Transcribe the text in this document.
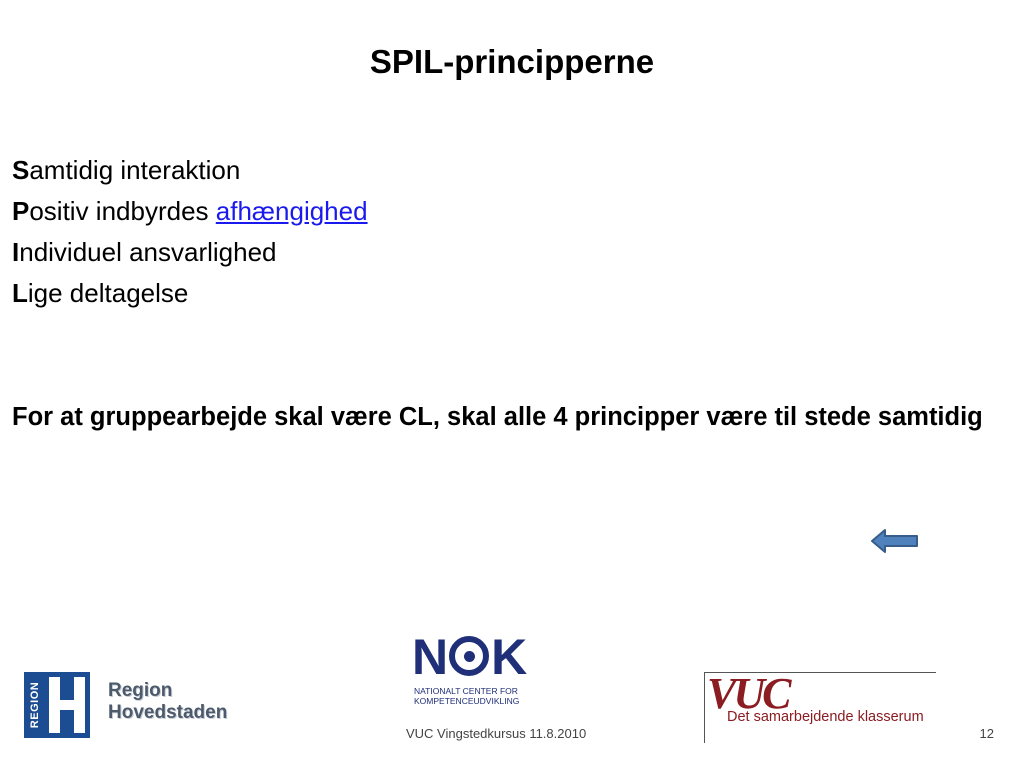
SPIL-principperne
Samtidig interaktion
Positiv indbyrdes afhængighed
Individuel ansvarlighed
Lige deltagelse
For at gruppearbejde skal være CL, skal alle 4 principper være til stede samtidig
REGION	Region
Hovedstaden
N K
NATIONALT CENTER FOR
KOMPETENCEUDVIKLING	VUC
Det samarbejdende klasserum
VUC Vingstedkursus 11.8.2010	12
